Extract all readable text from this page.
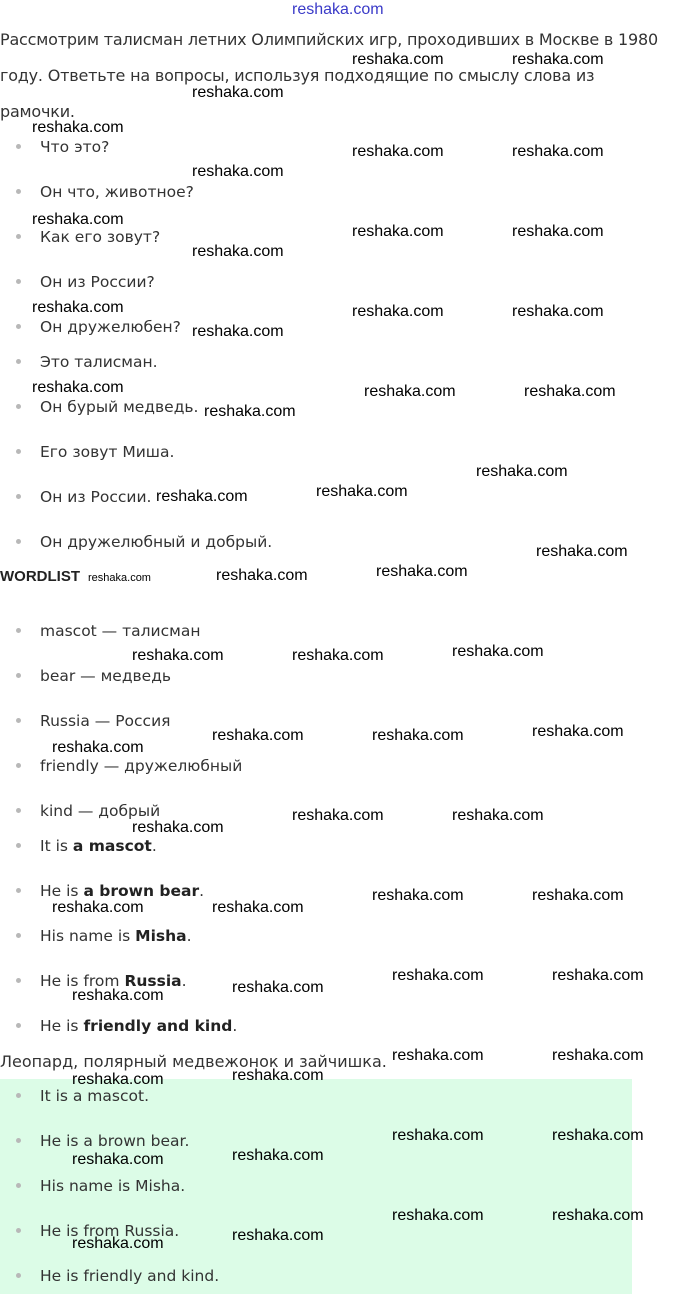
reshaka.com
Рассмотрим талисман летних Олимпийских игр, проходивших в Москве в 1980
году. Ответьте на вопросы, используя подходящие по смыслу слова из
рамочки.
Что это?
Он что, животное?
Как его зовут?
Он из России?
Он дружелюбен?
Это талисман.
Он бурый медведь.
Его зовут Миша.
Он из России.
Он дружелюбный и добрый.
WORDLIST
mascot — талисман
bear — медведь
Russia — Россия
friendly — дружелюбный
kind — добрый
It is a mascot.
He is a brown bear.
His name is Misha.
He is from Russia.
He is friendly and kind.
Леопард, полярный медвежонок и зайчишка.
It is a mascot.
He is a brown bear.
His name is Misha.
He is from Russia.
He is friendly and kind.
reshaka.com	reshaka.com
reshaka.com
reshaka.com
reshaka.com	reshaka.com
reshaka.com
reshaka.com
reshaka.com	reshaka.com
reshaka.com
reshaka.com	reshaka.com	reshaka.com
reshaka.com
reshaka.com	reshaka.com	reshaka.com
reshaka.com
reshaka.com
reshaka.com
reshaka.com
reshaka.com
reshaka.com
reshaka.com
reshaka.com
reshaka.com
reshaka.com	reshaka.com
reshaka.com
reshaka.com	reshaka.com
reshaka.com
reshaka.com	reshaka.com
reshaka.com
reshaka.com	reshaka.com
reshaka.com	reshaka.com
reshaka.com	reshaka.com
reshaka.com
reshaka.com
reshaka.com	reshaka.com
reshaka.com
reshaka.com
reshaka.com	reshaka.com
reshaka.com
reshaka.com
reshaka.com	reshaka.com
reshaka.com
reshaka.com
